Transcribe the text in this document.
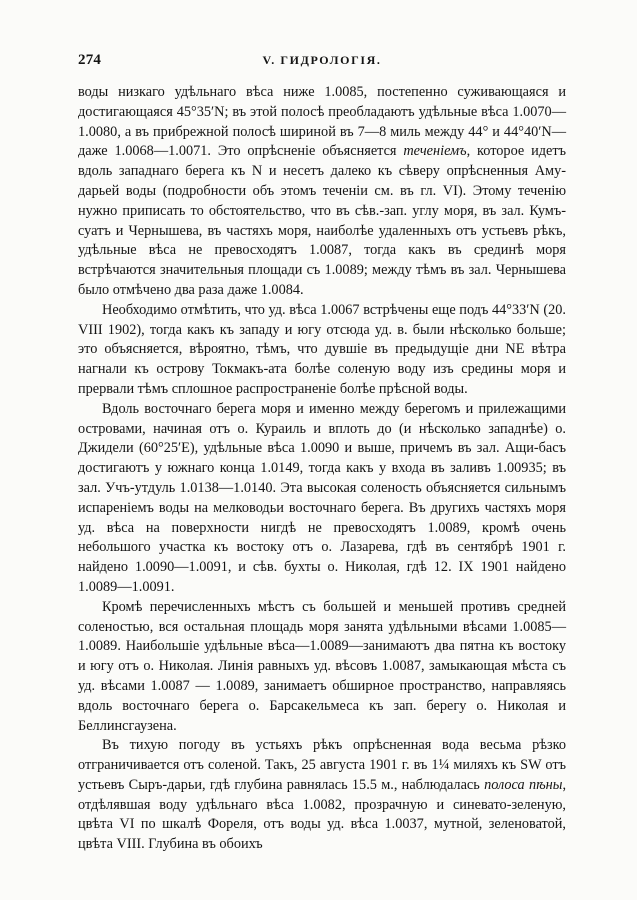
274	V. ГИДРОЛОГІЯ.

воды низкаго удѣльнаго вѣса ниже 1.0085, постепенно суживающаяся и достигающаяся 45°35′N; въ этой полосѣ преобладаютъ удѣльные вѣса 1.0070—1.0080, а въ прибрежной полосѣ шириной въ 7—8 миль между 44° и 44°40′N—даже 1.0068—1.0071. Это опрѣсненіе объясняется теченіемъ, которое идетъ вдоль западнаго берега къ N и несетъ далеко къ сѣверу опрѣсненныя Аму-дарьей воды (подробности объ этомъ теченіи см. въ гл. VI). Этому теченію нужно приписать то обстоятельство, что въ сѣв.-зап. углу моря, въ зал. Кумъ-суатъ и Чернышева, въ частяхъ моря, наиболѣе удаленныхъ отъ устьевъ рѣкъ, удѣльные вѣса не превосходятъ 1.0087, тогда какъ въ срединѣ моря встрѣчаются значительныя площади съ 1.0089; между тѣмъ въ зал. Чернышева было отмѣчено два раза даже 1.0084.

Необходимо отмѣтить, что уд. вѣса 1.0067 встрѣчены еще подъ 44°33′N (20. VIII 1902), тогда какъ къ западу и югу отсюда уд. в. были нѣсколько больше; это объясняется, вѣроятно, тѣмъ, что дувшіе въ предыдущіе дни NE вѣтра нагнали къ острову Токмакъ-ата болѣе соленую воду изъ средины моря и прервали тѣмъ сплошное распространеніе болѣе прѣсной воды.

Вдоль восточнаго берега моря и именно между берегомъ и прилежащими островами, начиная отъ о. Кураиль и вплоть до (и нѣсколько западнѣе) о. Джидели (60°25′E), удѣльные вѣса 1.0090 и выше, причемъ въ зал. Ащи-басъ достигаютъ у южнаго конца 1.0149, тогда какъ у входа въ заливъ 1.00935; въ зал. Учъ-утдуль 1.0138—1.0140. Эта высокая соленость объясняется сильнымъ испареніемъ воды на мелководьи восточнаго берега. Въ другихъ частяхъ моря уд. вѣса на поверхности нигдѣ не превосходятъ 1.0089, кромѣ очень небольшого участка къ востоку отъ о. Лазарева, гдѣ въ сентябрѣ 1901 г. найдено 1.0090—1.0091, и сѣв. бухты о. Николая, гдѣ 12. IX 1901 найдено 1.0089—1.0091.

Кромѣ перечисленныхъ мѣстъ съ большей и меньшей противъ средней соленостью, вся остальная площадь моря занята удѣльными вѣсами 1.0085—1.0089. Наибольшіе удѣльные вѣса—1.0089—занимаютъ два пятна къ востоку и югу отъ о. Николая. Линія равныхъ уд. вѣсовъ 1.0087, замыкающая мѣста съ уд. вѣсами 1.0087 — 1.0089, занимаетъ обширное пространство, направляясь вдоль восточнаго берега о. Барсакельмеса къ зап. берегу о. Николая и Беллинсгаузена.

Въ тихую погоду въ устьяхъ рѣкъ опрѣсненная вода весьма рѣзко отграничивается отъ соленой. Такъ, 25 августа 1901 г. въ 1¼ миляхъ къ SW отъ устьевъ Сыръ-дарьи, гдѣ глубина равнялась 15.5 м., наблюдалась полоса пѣны, отдѣлявшая воду удѣльнаго вѣса 1.0082, прозрачную и синевато-зеленую, цвѣта VI по шкалѣ Фореля, отъ воды уд. вѣса 1.0037, мутной, зеленоватой, цвѣта VIII. Глубина въ обоихъ
